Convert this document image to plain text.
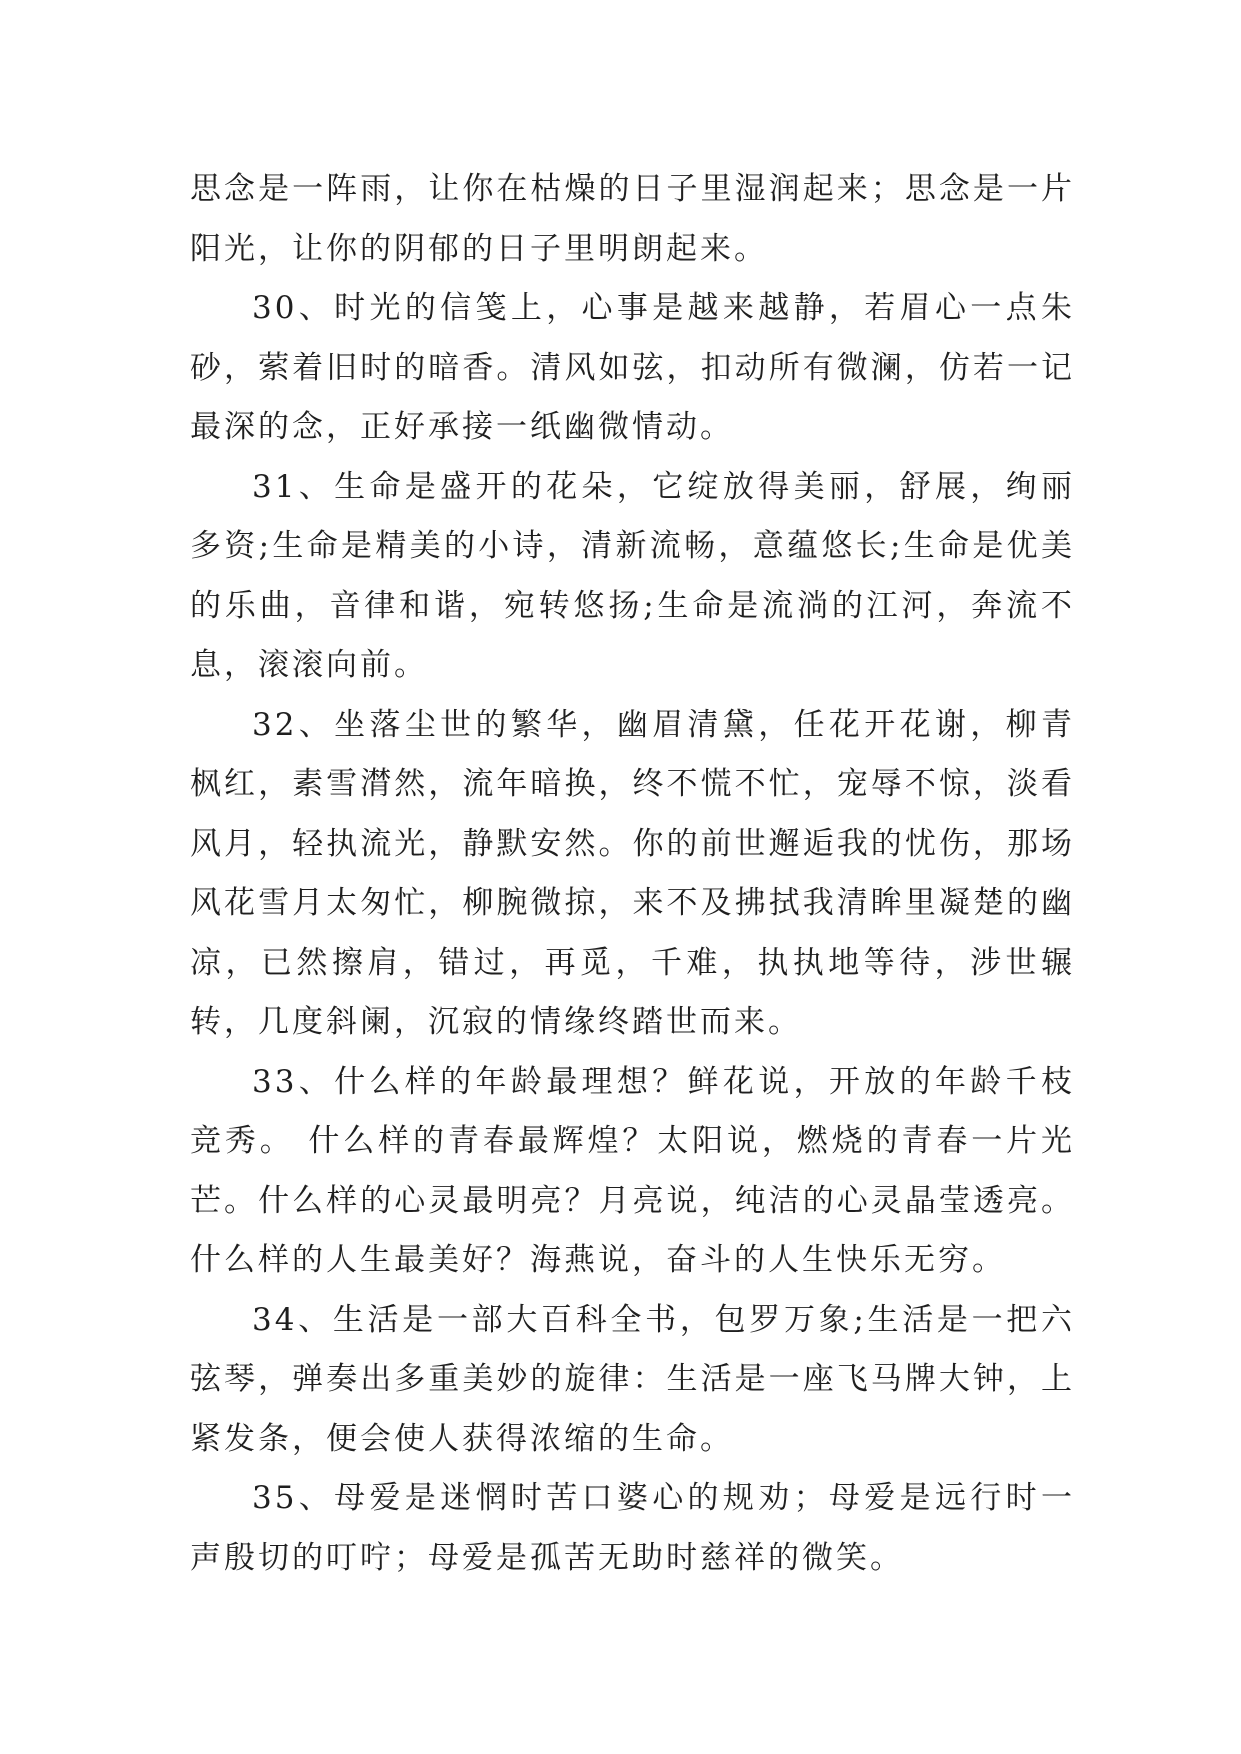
思念是一阵雨，让你在枯燥的日子里湿润起来；思念是一片阳光，让你的阴郁的日子里明朗起来。

30、时光的信笺上，心事是越来越静，若眉心一点朱砂，萦着旧时的暗香。清风如弦，扣动所有微澜，仿若一记最深的念，正好承接一纸幽微情动。

31、生命是盛开的花朵，它绽放得美丽，舒展，绚丽多资;生命是精美的小诗，清新流畅，意蕴悠长;生命是优美的乐曲，音律和谐，宛转悠扬;生命是流淌的江河，奔流不息，滚滚向前。

32、坐落尘世的繁华，幽眉清黛，任花开花谢，柳青枫红，素雪潸然，流年暗换，终不慌不忙，宠辱不惊，淡看风月，轻执流光，静默安然。你的前世邂逅我的忧伤，那场风花雪月太匆忙，柳腕微掠，来不及拂拭我清眸里凝楚的幽凉，已然擦肩，错过，再觅，千难，执执地等待，涉世辗转，几度斜阑，沉寂的情缘终踏世而来。

33、什么样的年龄最理想？鲜花说，开放的年龄千枝竞秀。 什么样的青春最辉煌？太阳说，燃烧的青春一片光芒。什么样的心灵最明亮？月亮说，纯洁的心灵晶莹透亮。 什么样的人生最美好？海燕说，奋斗的人生快乐无穷。

34、生活是一部大百科全书，包罗万象;生活是一把六弦琴，弹奏出多重美妙的旋律：生活是一座飞马牌大钟，上紧发条，便会使人获得浓缩的生命。

35、母爱是迷惘时苦口婆心的规劝；母爱是远行时一声殷切的叮咛；母爱是孤苦无助时慈祥的微笑。
